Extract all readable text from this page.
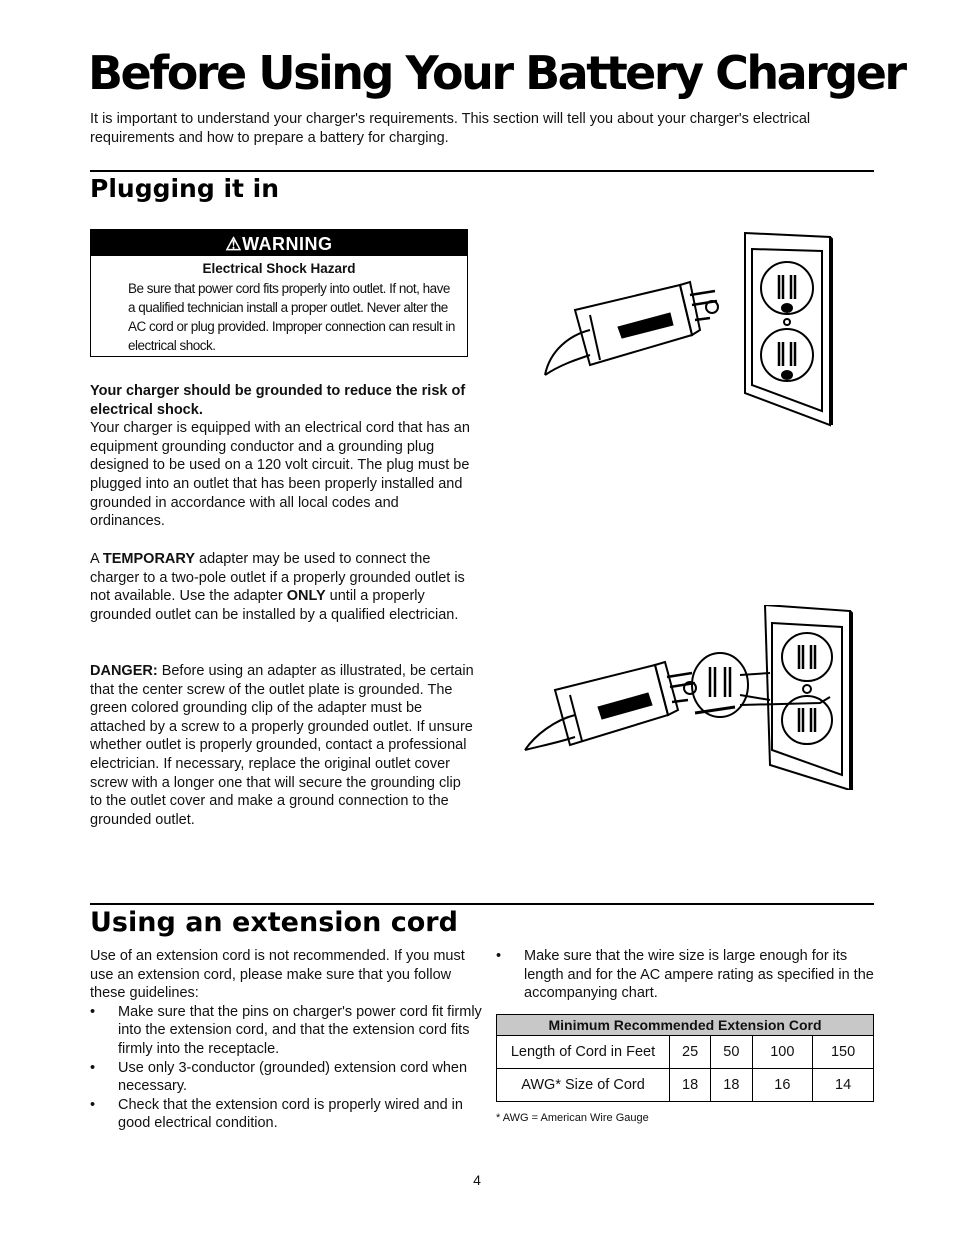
Before Using Your Battery Charger
It is important to understand your charger's requirements. This section will tell you about your charger's electrical requirements and how to prepare a battery for charging.
Plugging it in
⚠WARNING
Electrical Shock Hazard
Be sure that power cord fits properly into outlet. If not, have a qualified technician install a proper outlet. Never alter the AC cord or plug provided. Improper connection can result in electrical shock.
Your charger should be grounded to reduce the risk of electrical shock.
Your charger is equipped with an electrical cord that has an equipment grounding conductor and a grounding plug designed to be used on a 120 volt circuit. The plug must be plugged into an outlet that has been properly installed and grounded in accordance with all local codes and ordinances.
A TEMPORARY adapter may be used to connect the charger to a two-pole outlet if a properly grounded outlet is not available. Use the adapter ONLY until a properly grounded outlet can be installed by a qualified electrician.
DANGER: Before using an adapter as illustrated, be certain that the center screw of the outlet plate is grounded. The green colored grounding clip of the adapter must be attached by a screw to a properly grounded outlet. If unsure whether outlet is properly grounded, contact a professional electrician. If necessary, replace the original outlet cover screw with a longer one that will secure the grounding clip to the outlet cover and make a ground connection to the grounded outlet.
Using an extension cord
Use of an extension cord is not recommended. If you must use an extension cord, please make sure that you follow these guidelines:
• Make sure that the pins on charger's power cord fit firmly into the extension cord, and that the extension cord fits firmly into the receptacle.
• Use only 3-conductor (grounded) extension cord when necessary.
• Check that the extension cord is properly wired and in good electrical condition.
• Make sure that the wire size is large enough for its length and for the AC ampere rating as specified in the accompanying chart.
Minimum Recommended Extension Cord				
Length of Cord in Feet	25	50	100	150
AWG* Size of Cord	18	18	16	14
* AWG = American Wire Gauge
4
